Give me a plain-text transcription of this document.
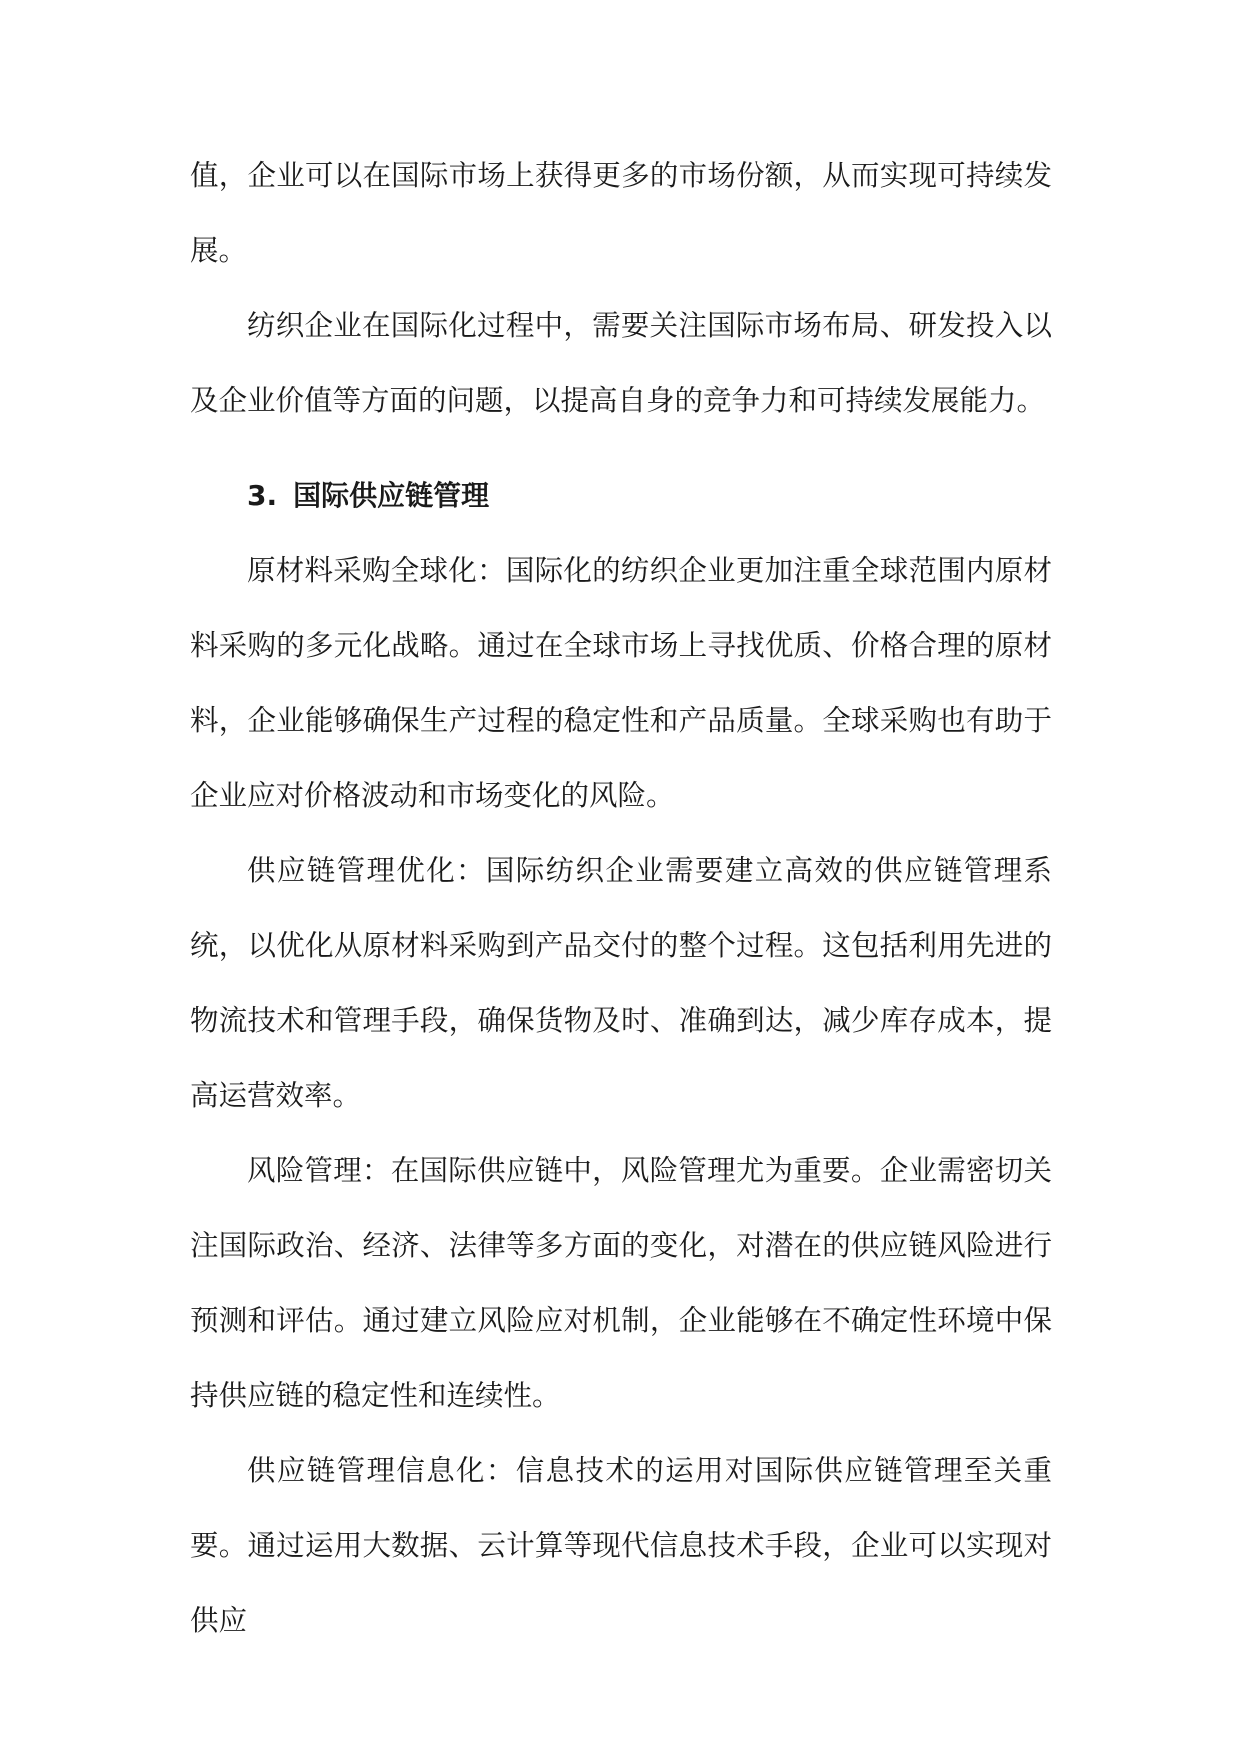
值，企业可以在国际市场上获得更多的市场份额，从而实现可持续发展。

纺织企业在国际化过程中，需要关注国际市场布局、研发投入以及企业价值等方面的问题，以提高自身的竞争力和可持续发展能力。

3. 国际供应链管理

原材料采购全球化：国际化的纺织企业更加注重全球范围内原材料采购的多元化战略。通过在全球市场上寻找优质、价格合理的原材料，企业能够确保生产过程的稳定性和产品质量。全球采购也有助于企业应对价格波动和市场变化的风险。

供应链管理优化：国际纺织企业需要建立高效的供应链管理系统，以优化从原材料采购到产品交付的整个过程。这包括利用先进的物流技术和管理手段，确保货物及时、准确到达，减少库存成本，提高运营效率。

风险管理：在国际供应链中，风险管理尤为重要。企业需密切关注国际政治、经济、法律等多方面的变化，对潜在的供应链风险进行预测和评估。通过建立风险应对机制，企业能够在不确定性环境中保持供应链的稳定性和连续性。

供应链管理信息化：信息技术的运用对国际供应链管理至关重要。通过运用大数据、云计算等现代信息技术手段，企业可以实现对供应
